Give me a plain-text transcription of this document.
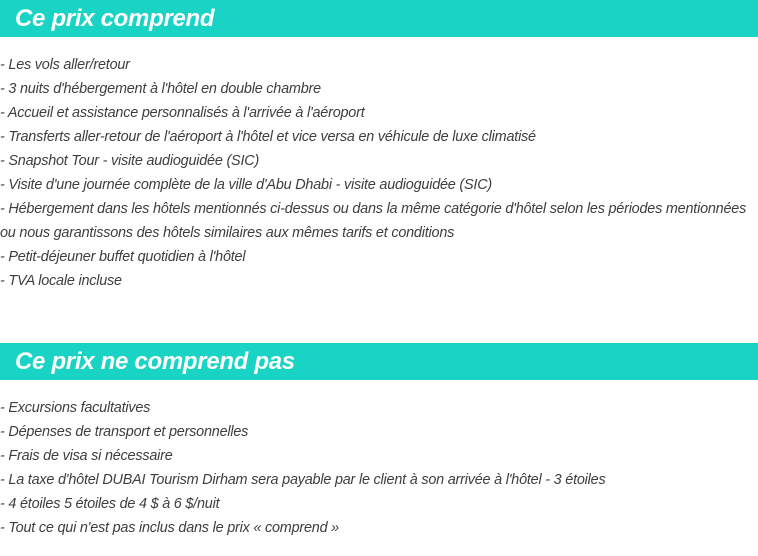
Ce prix comprend
- Les vols aller/retour
- 3 nuits d'hébergement à l'hôtel en double chambre
- Accueil et assistance personnalisés à l'arrivée à l'aéroport
- Transferts aller-retour de l'aéroport à l'hôtel et vice versa en véhicule de luxe climatisé
- Snapshot Tour - visite audioguidée (SIC)
- Visite d'une journée complète de la ville d'Abu Dhabi - visite audioguidée (SIC)
- Hébergement dans les hôtels mentionnés ci-dessus ou dans la même catégorie d'hôtel selon les périodes mentionnées ou nous garantissons des hôtels similaires aux mêmes tarifs et conditions
- Petit-déjeuner buffet quotidien à l'hôtel
- TVA locale incluse
Ce prix ne comprend pas
- Excursions facultatives
- Dépenses de transport et personnelles
- Frais de visa si nécessaire
- La taxe d'hôtel DUBAI Tourism Dirham sera payable par le client à son arrivée à l'hôtel - 3 étoiles
- 4 étoiles 5 étoiles de 4 $ à 6 $/nuit
- Tout ce qui n'est pas inclus dans le prix « comprend »
